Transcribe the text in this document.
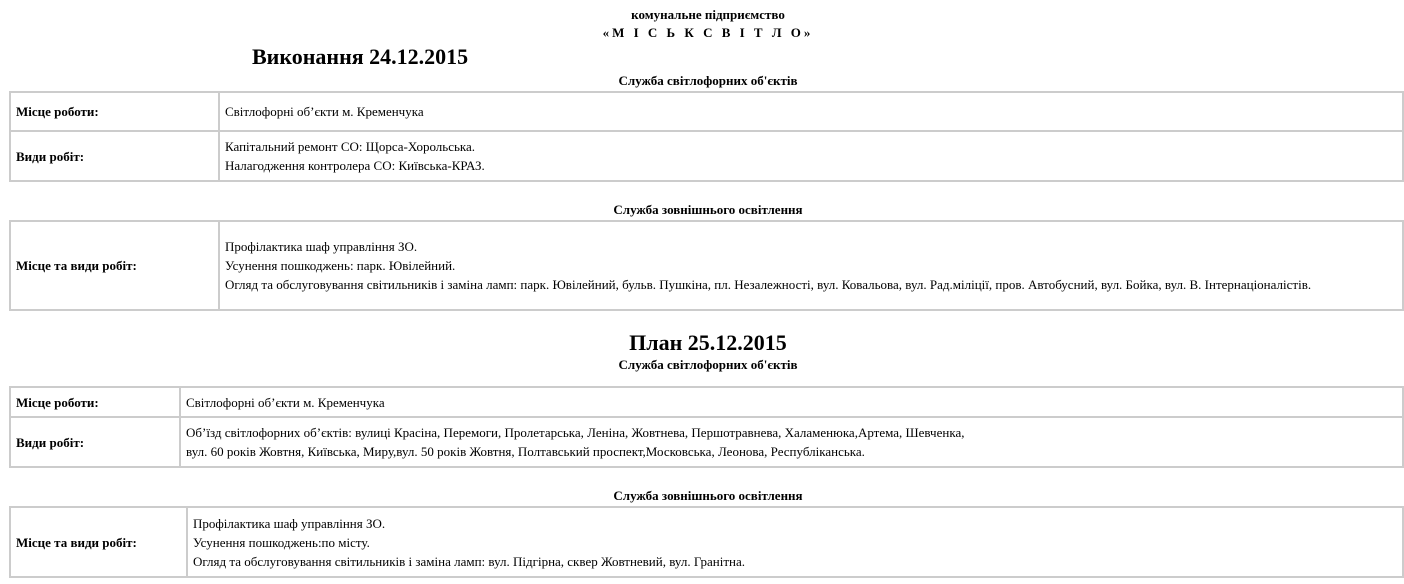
комунальне підприємство
«М І С Ь К С В І Т Л О»
Виконання 24.12.2015
Служба світлофорних об'єктів
Місце роботи:	Світлофорні об’єкти м. Кременчука

Види робіт:	Капітальний ремонт СО: Щорса-Хорольська.
Налагодження контролера СО: Київська-КРАЗ.
Служба зовнішнього освітлення
Місце та види робіт:	
Профілактика шаф управління ЗО.
Усунення пошкоджень: парк. Ювілейний.
Огляд та обслуговування світильників і заміна ламп: парк. Ювілейний, бульв. Пушкіна, пл. Незалежності, вул. Ковальова, вул. Рад.міліції, пров. Автобусний, вул. Бойка, вул. В. Інтернаціоналістів.
План 25.12.2015
Служба світлофорних об'єктів
Місце роботи:	Світлофорні об’єкти м. Кременчука

Види робіт:	Об’їзд світлофорних об’єктів: вулиці Красіна, Перемоги, Пролетарська, Леніна, Жовтнева, Першотравнева, Халаменюка,Артема, Шевченка,
вул. 60 років Жовтня, Київська, Миру,вул. 50 років Жовтня, Полтавський проспект,Московська, Леонова, Республіканська.
Служба зовнішнього освітлення
Місце та види робіт:	
Профілактика шаф управління ЗО.
Усунення пошкоджень:по місту.
Огляд та обслуговування світильників і заміна ламп: вул. Підгірна, сквер Жовтневий, вул. Гранітна.
